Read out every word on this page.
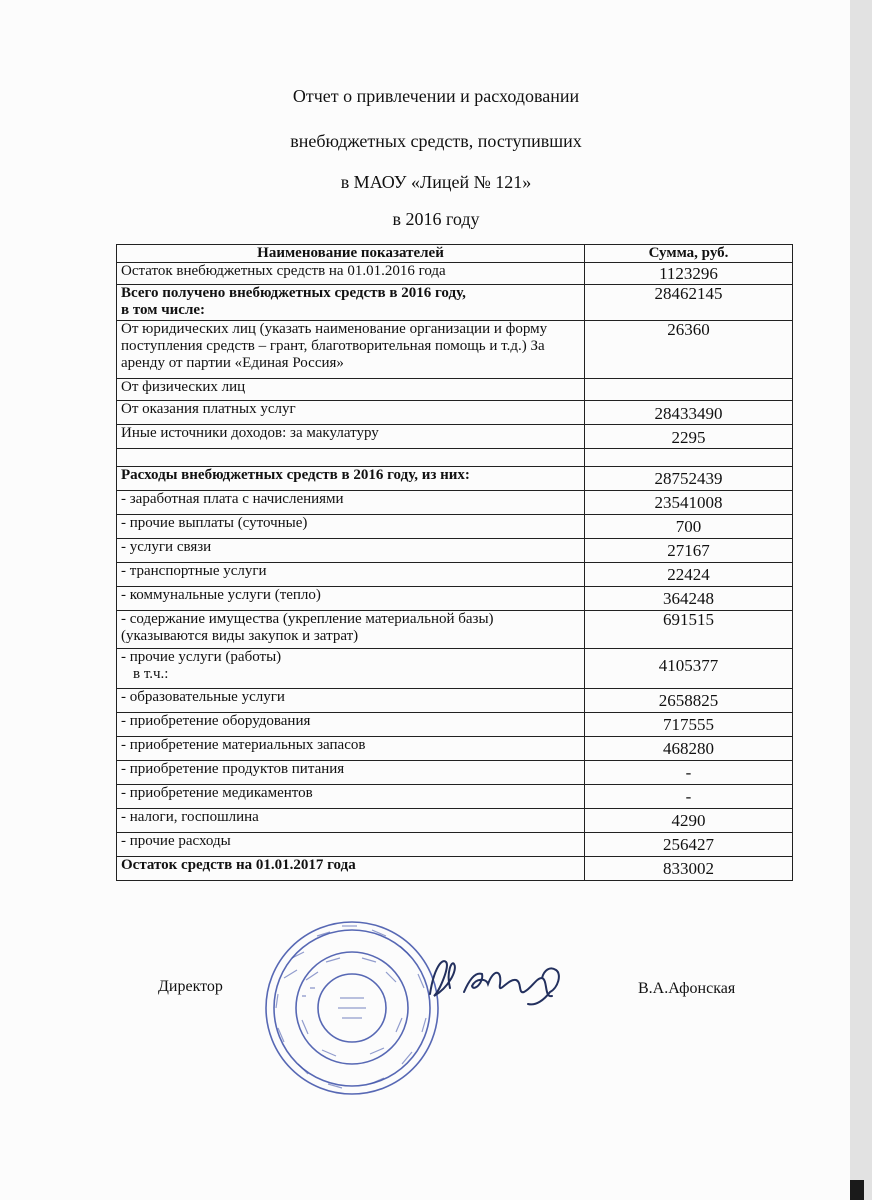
Отчет о привлечении и расходовании
внебюджетных средств, поступивших
в МАОУ «Лицей № 121»
в 2016 году
Наименование показателей	Сумма, руб.
Остаток внебюджетных средств на 01.01.2016 года	1123296

Всего получено внебюджетных средств в 2016 году,
в том числе:	28462145

От юридических лиц (указать наименование организации и форму поступления средств – грант, благотворительная помощь и т.д.) За аренду от партии «Единая Россия»	26360

От физических лиц	

От оказания платных услуг	28433490

Иные источники доходов: за макулатуру	2295

Расходы внебюджетных средств в 2016 году, из них:	28752439

- заработная плата с начислениями	23541008

- прочие выплаты (суточные)	700

- услуги связи	27167

- транспортные услуги	22424

- коммунальные услуги (тепло)	364248

- содержание имущества (укрепление материальной базы)
(указываются виды закупок и затрат)	691515

- прочие услуги (работы)
в т.ч.:	4105377

- образовательные услуги	2658825

- приобретение оборудования	717555

- приобретение материальных запасов	468280

- приобретение продуктов питания	-

- приобретение медикаментов	-

- налоги, госпошлина	4290

- прочие расходы	256427

Остаток средств на 01.01.2017 года	833002
Директор	В.А.Афонская
